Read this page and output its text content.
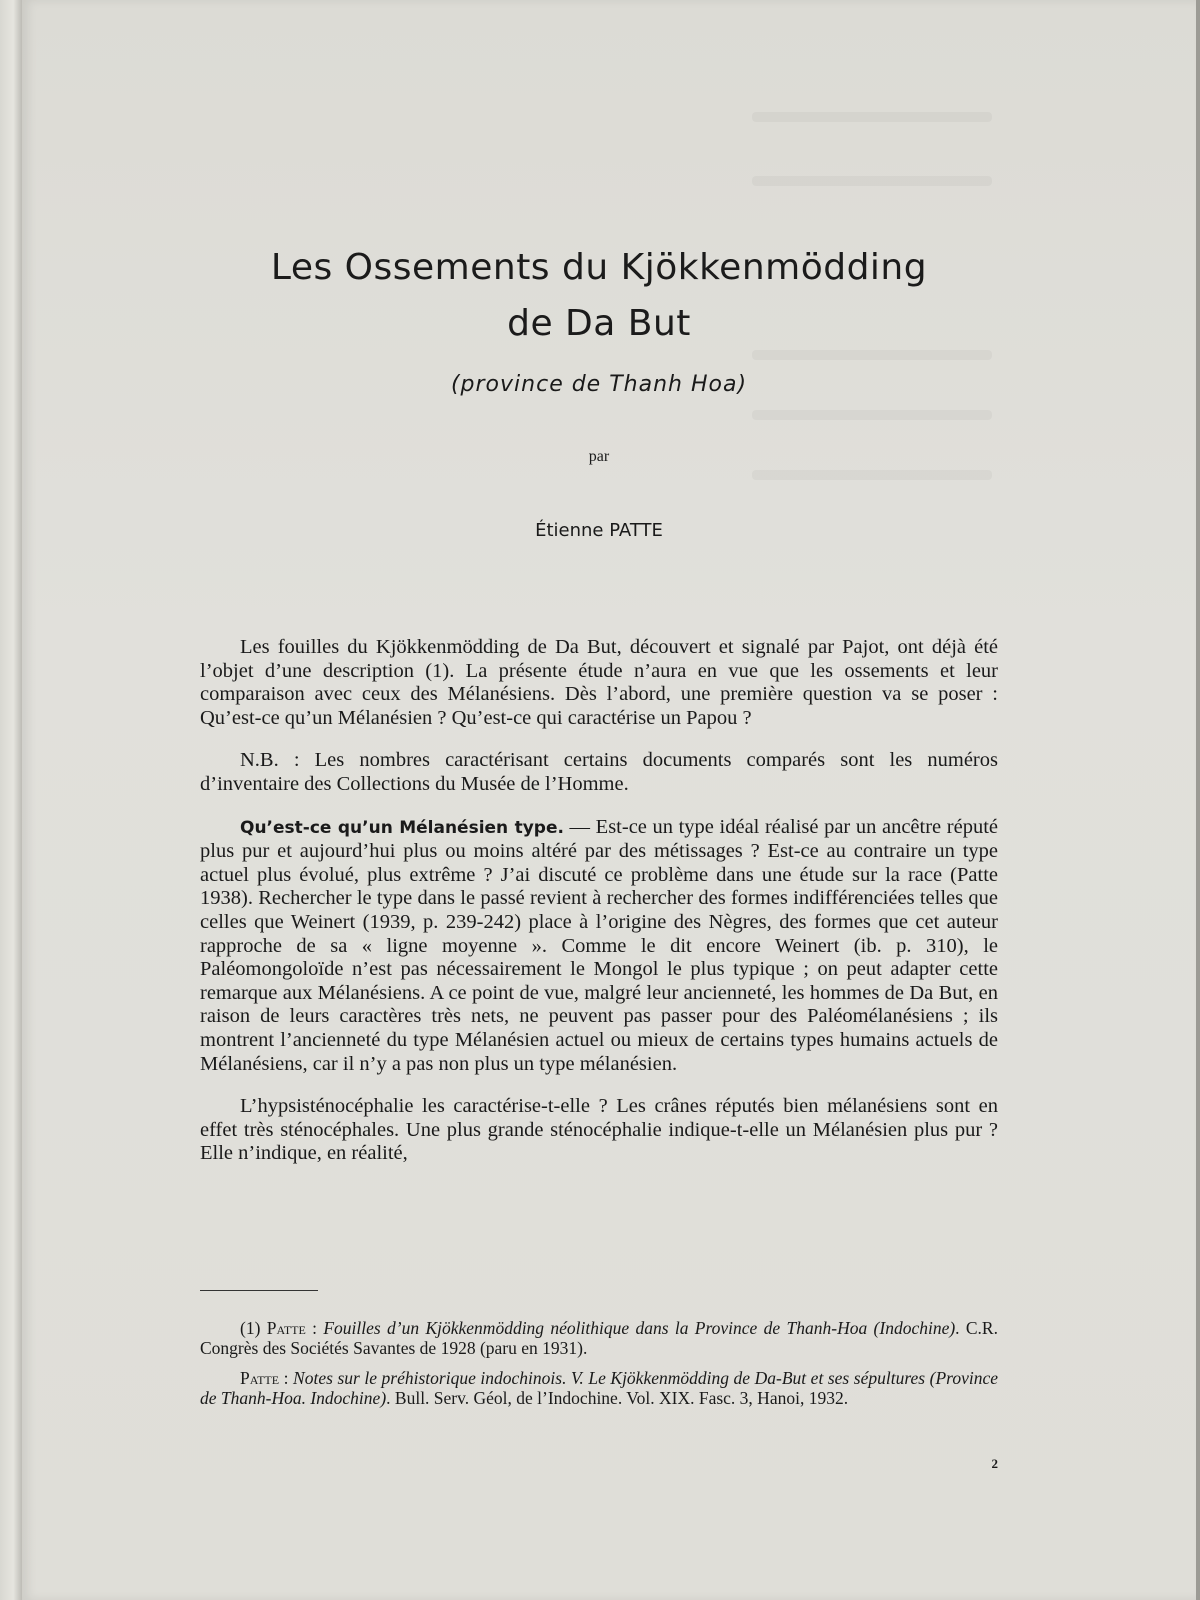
Les Ossements du Kjökkenmödding
de Da But
(province de Thanh Hoa)
par
Étienne PATTE

Les fouilles du Kjökkenmödding de Da But, découvert et signalé par Pajot, ont déjà été l’objet d’une description (1). La présente étude n’aura en vue que les ossements et leur comparaison avec ceux des Mélanésiens. Dès l’abord, une première question va se poser : Qu’est-ce qu’un Mélanésien ? Qu’est-ce qui caractérise un Papou ?

N.B. : Les nombres caractérisant certains documents comparés sont les numéros d’inventaire des Collections du Musée de l’Homme.

Qu’est-ce qu’un Mélanésien type. — Est-ce un type idéal réalisé par un ancêtre réputé plus pur et aujourd’hui plus ou moins altéré par des métissages ? Est-ce au contraire un type actuel plus évolué, plus extrême ? J’ai discuté ce problème dans une étude sur la race (Patte 1938). Rechercher le type dans le passé revient à rechercher des formes indifférenciées telles que celles que Weinert (1939, p. 239-242) place à l’origine des Nègres, des formes que cet auteur rapproche de sa « ligne moyenne ». Comme le dit encore Weinert (ib. p. 310), le Paléomongoloïde n’est pas nécessairement le Mongol le plus typique ; on peut adapter cette remarque aux Mélanésiens. A ce point de vue, malgré leur ancienneté, les hommes de Da But, en raison de leurs caractères très nets, ne peuvent pas passer pour des Paléomélanésiens ; ils montrent l’ancienneté du type Mélanésien actuel ou mieux de certains types humains actuels de Mélanésiens, car il n’y a pas non plus un type mélanésien.

L’hypsisténocéphalie les caractérise-t-elle ? Les crânes réputés bien mélanésiens sont en effet très sténocéphales. Une plus grande sténocéphalie indique-t-elle un Mélanésien plus pur ? Elle n’indique, en réalité,

(1) Patte : Fouilles d’un Kjökkenmödding néolithique dans la Province de Thanh-Hoa (Indochine). C.R. Congrès des Sociétés Savantes de 1928 (paru en 1931).

Patte : Notes sur le préhistorique indochinois. V. Le Kjökkenmödding de Da-But et ses sépultures (Province de Thanh-Hoa. Indochine). Bull. Serv. Géol, de l’Indochine. Vol. XIX. Fasc. 3, Hanoi, 1932.

2
